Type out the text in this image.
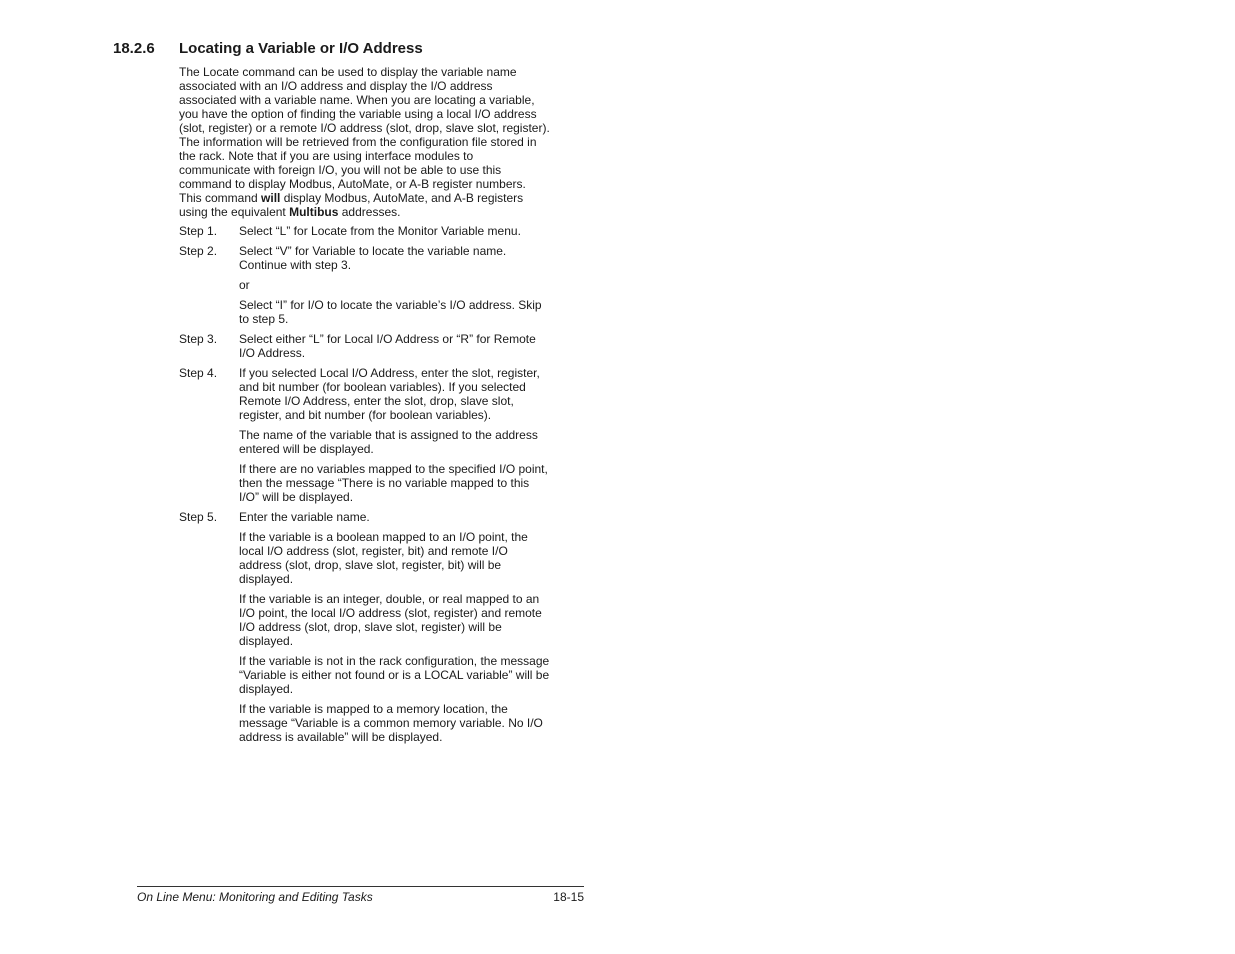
18.2.6 Locating a Variable or I/O Address
The Locate command can be used to display the variable name
associated with an I/O address and display the I/O address
associated with a variable name. When you are locating a variable,
you have the option of finding the variable using a local I/O address
(slot, register) or a remote I/O address (slot, drop, slave slot, register).
The information will be retrieved from the configuration file stored in
the rack. Note that if you are using interface modules to
communicate with foreign I/O, you will not be able to use this
command to display Modbus, AutoMate, or A-B register numbers.
This command will display Modbus, AutoMate, and A-B registers
using the equivalent Multibus addresses.
Step 1.	Select “L” for Locate from the Monitor Variable menu.
Step 2.	Select “V” for Variable to locate the variable name.
Continue with step 3.
or
Select “I” for I/O to locate the variable’s I/O address. Skip
to step 5.
Step 3.	Select either “L” for Local I/O Address or “R” for Remote
I/O Address.
Step 4.	If you selected Local I/O Address, enter the slot, register,
and bit number (for boolean variables). If you selected
Remote I/O Address, enter the slot, drop, slave slot,
register, and bit number (for boolean variables).
The name of the variable that is assigned to the address
entered will be displayed.
If there are no variables mapped to the specified I/O point,
then the message “There is no variable mapped to this
I/O” will be displayed.
Step 5.	Enter the variable name.
If the variable is a boolean mapped to an I/O point, the
local I/O address (slot, register, bit) and remote I/O
address (slot, drop, slave slot, register, bit) will be
displayed.
If the variable is an integer, double, or real mapped to an
I/O point, the local I/O address (slot, register) and remote
I/O address (slot, drop, slave slot, register) will be
displayed.
If the variable is not in the rack configuration, the message
“Variable is either not found or is a LOCAL variable” will be
displayed.
If the variable is mapped to a memory location, the
message “Variable is a common memory variable. No I/O
address is available” will be displayed.
On Line Menu: Monitoring and Editing Tasks	18-15
